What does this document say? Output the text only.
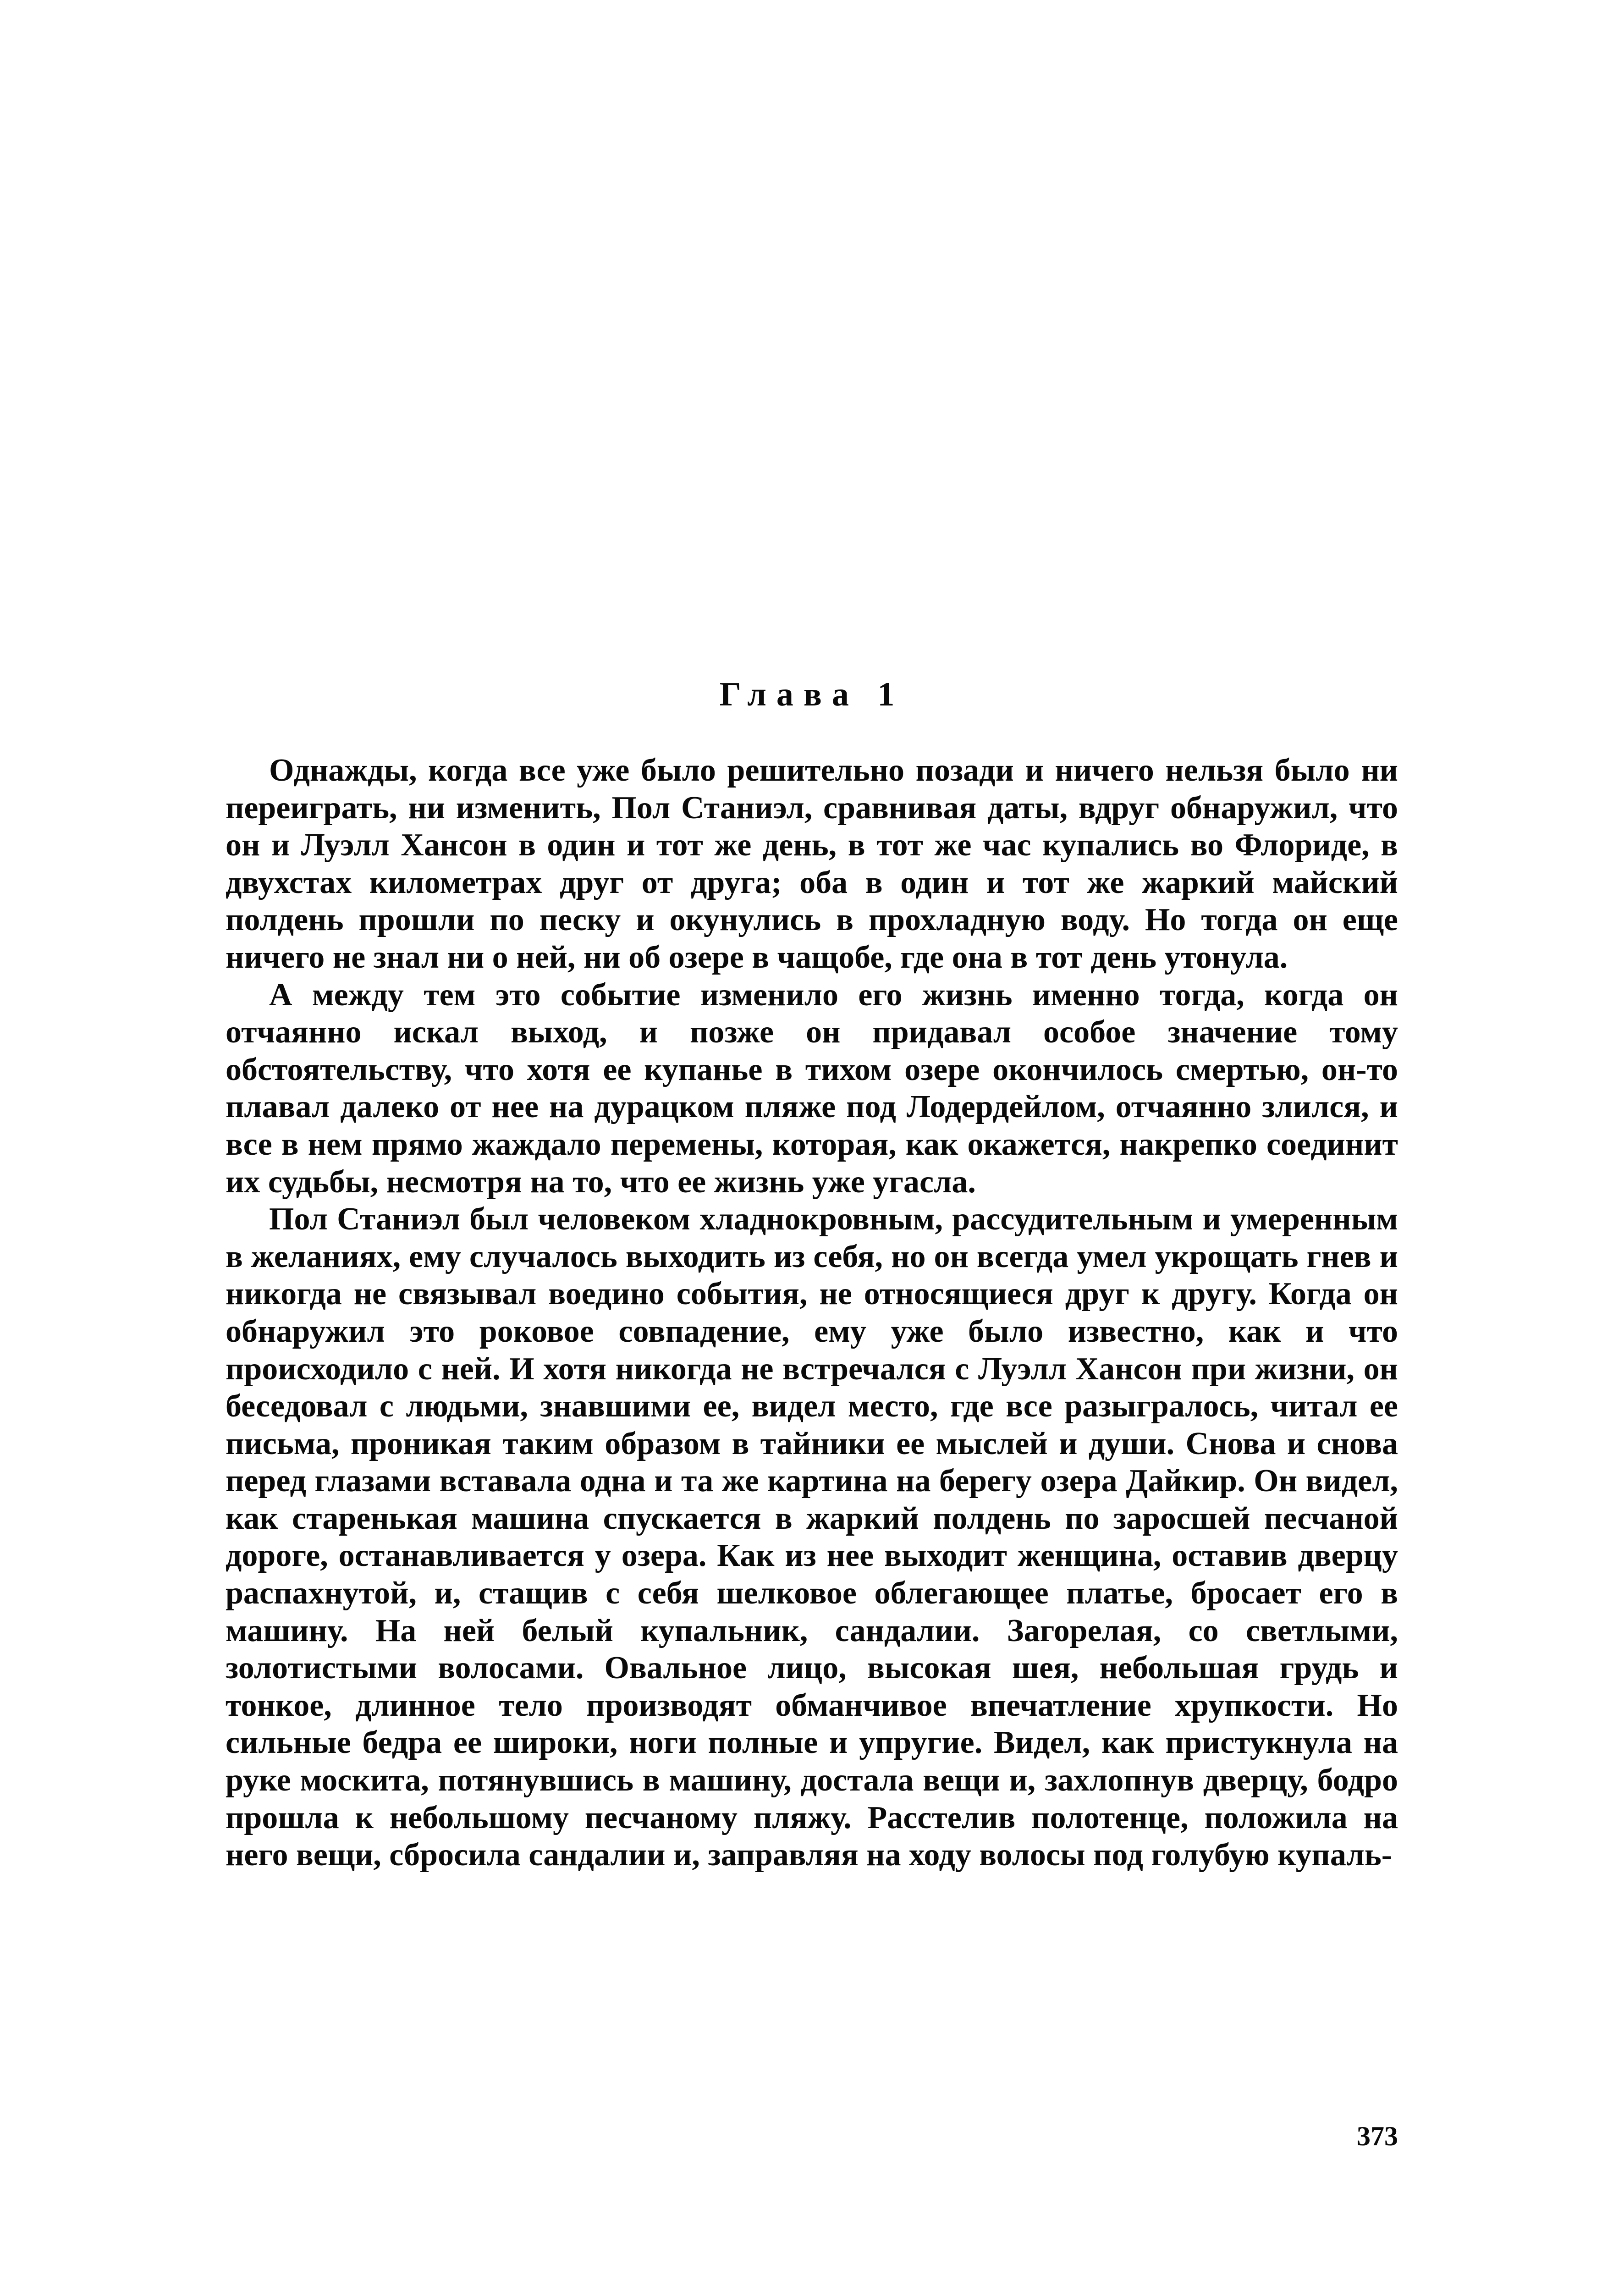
Глава 1

Однажды, когда все уже было решительно позади и ничего нельзя было ни переиграть, ни изменить, Пол Станиэл, сравнивая даты, вдруг обнаружил, что он и Луэлл Хансон в один и тот же день, в тот же час купались во Флориде, в двухстах километрах друг от друга; оба в один и тот же жаркий майский полдень прошли по песку и окунулись в прохладную воду. Но тогда он еще ничего не знал ни о ней, ни об озере в чащобе, где она в тот день утонула.

А между тем это событие изменило его жизнь именно тогда, когда он отчаянно искал выход, и позже он придавал особое значение тому обстоятельству, что хотя ее купанье в тихом озере окончилось смертью, он-то плавал далеко от нее на дурацком пляже под Лодердейлом, отчаянно злился, и все в нем прямо жаждало перемены, которая, как окажется, накрепко соединит их судьбы, несмотря на то, что ее жизнь уже угасла.

Пол Станиэл был человеком хладнокровным, рассудительным и умеренным в желаниях, ему случалось выходить из себя, но он всегда умел укрощать гнев и никогда не связывал воедино события, не относящиеся друг к другу. Когда он обнаружил это роковое совпадение, ему уже было известно, как и что происходило с ней. И хотя никогда не встречался с Луэлл Хансон при жизни, он беседовал с людьми, знавшими ее, видел место, где все разыгралось, читал ее письма, проникая таким образом в тайники ее мыслей и души. Снова и снова перед глазами вставала одна и та же картина на берегу озера Дайкир. Он видел, как старенькая машина спускается в жаркий полдень по заросшей песчаной дороге, останавливается у озера. Как из нее выходит женщина, оставив дверцу распахнутой, и, стащив с себя шелковое облегающее платье, бросает его в машину. На ней белый купальник, сандалии. Загорелая, со светлыми, золотистыми волосами. Овальное лицо, высокая шея, небольшая грудь и тонкое, длинное тело производят обманчивое впечатление хрупкости. Но сильные бедра ее широки, ноги полные и упругие. Видел, как пристукнула на руке москита, потянувшись в машину, достала вещи и, захлопнув дверцу, бодро прошла к небольшому песчаному пляжу. Расстелив полотенце, положила на него вещи, сбросила сандалии и, заправляя на ходу волосы под голубую купаль-

373
